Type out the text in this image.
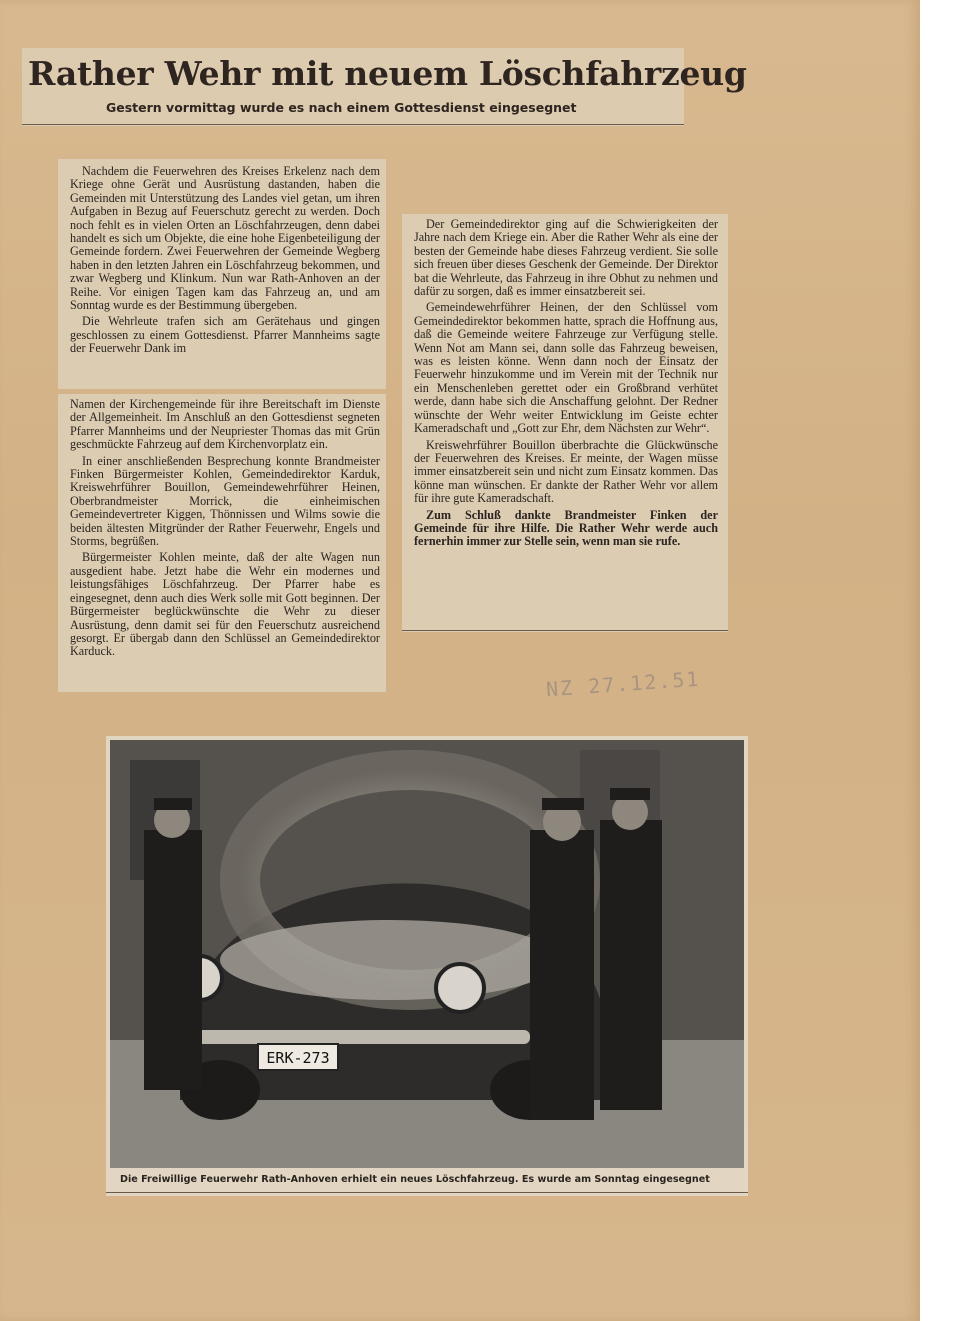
Rather Wehr mit neuem Löschfahrzeug
Gestern vormittag wurde es nach einem Gottesdienst eingesegnet

Nachdem die Feuerwehren des Kreises Erkelenz nach dem Kriege ohne Gerät und Ausrüstung dastanden, haben die Gemeinden mit Unterstützung des Landes viel getan, um ihren Aufgaben in Bezug auf Feuerschutz gerecht zu werden. Doch noch fehlt es in vielen Orten an Löschfahrzeugen, denn dabei handelt es sich um Objekte, die eine hohe Eigenbeteiligung der Gemeinde fordern. Zwei Feuerwehren der Gemeinde Wegberg haben in den letzten Jahren ein Löschfahrzeug bekommen, und zwar Wegberg und Klinkum. Nun war Rath-Anhoven an der Reihe. Vor einigen Tagen kam das Fahrzeug an, und am Sonntag wurde es der Bestimmung übergeben.

Die Wehrleute trafen sich am Gerätehaus und gingen geschlossen zu einem Gottesdienst. Pfarrer Mannheims sagte der Feuerwehr Dank im

Namen der Kirchengemeinde für ihre Bereitschaft im Dienste der Allgemeinheit. Im Anschluß an den Gottesdienst segneten Pfarrer Mannheims und der Neupriester Thomas das mit Grün geschmückte Fahrzeug auf dem Kirchenvorplatz ein.

In einer anschließenden Besprechung konnte Brandmeister Finken Bürgermeister Kohlen, Gemeindedirektor Karduk, Kreiswehrführer Bouillon, Gemeindewehrführer Heinen, Oberbrandmeister Morrick, die einheimischen Gemeindevertreter Kiggen, Thönnissen und Wilms sowie die beiden ältesten Mitgründer der Rather Feuerwehr, Engels und Storms, begrüßen.

Bürgermeister Kohlen meinte, daß der alte Wagen nun ausgedient habe. Jetzt habe die Wehr ein modernes und leistungsfähiges Löschfahrzeug. Der Pfarrer habe es eingesegnet, denn auch dies Werk solle mit Gott beginnen. Der Bürgermeister beglückwünschte die Wehr zu dieser Ausrüstung, denn damit sei für den Feuerschutz ausreichend gesorgt. Er übergab dann den Schlüssel an Gemeindedirektor Karduck.

Der Gemeindedirektor ging auf die Schwierigkeiten der Jahre nach dem Kriege ein. Aber die Rather Wehr als eine der besten der Gemeinde habe dieses Fahrzeug verdient. Sie solle sich freuen über dieses Geschenk der Gemeinde. Der Direktor bat die Wehrleute, das Fahrzeug in ihre Obhut zu nehmen und dafür zu sorgen, daß es immer einsatzbereit sei.

Gemeindewehrführer Heinen, der den Schlüssel vom Gemeindedirektor bekommen hatte, sprach die Hoffnung aus, daß die Gemeinde weitere Fahrzeuge zur Verfügung stelle. Wenn Not am Mann sei, dann solle das Fahrzeug beweisen, was es leisten könne. Wenn dann noch der Einsatz der Feuerwehr hinzukomme und im Verein mit der Technik nur ein Menschenleben gerettet oder ein Großbrand verhütet werde, dann habe sich die Anschaffung gelohnt. Der Redner wünschte der Wehr weiter Entwicklung im Geiste echter Kameradschaft und „Gott zur Ehr, dem Nächsten zur Wehr“.

Kreiswehrführer Bouillon überbrachte die Glückwünsche der Feuerwehren des Kreises. Er meinte, der Wagen müsse immer einsatzbereit sein und nicht zum Einsatz kommen. Das könne man wünschen. Er dankte der Rather Wehr vor allem für ihre gute Kameradschaft.

Zum Schluß dankte Brandmeister Finken der Gemeinde für ihre Hilfe. Die Rather Wehr werde auch fernerhin immer zur Stelle sein, wenn man sie rufe.

NZ 27.12.51
ERK-273
Die Freiwillige Feuerwehr Rath-Anhoven erhielt ein neues Löschfahrzeug. Es wurde am Sonntag eingesegnet
